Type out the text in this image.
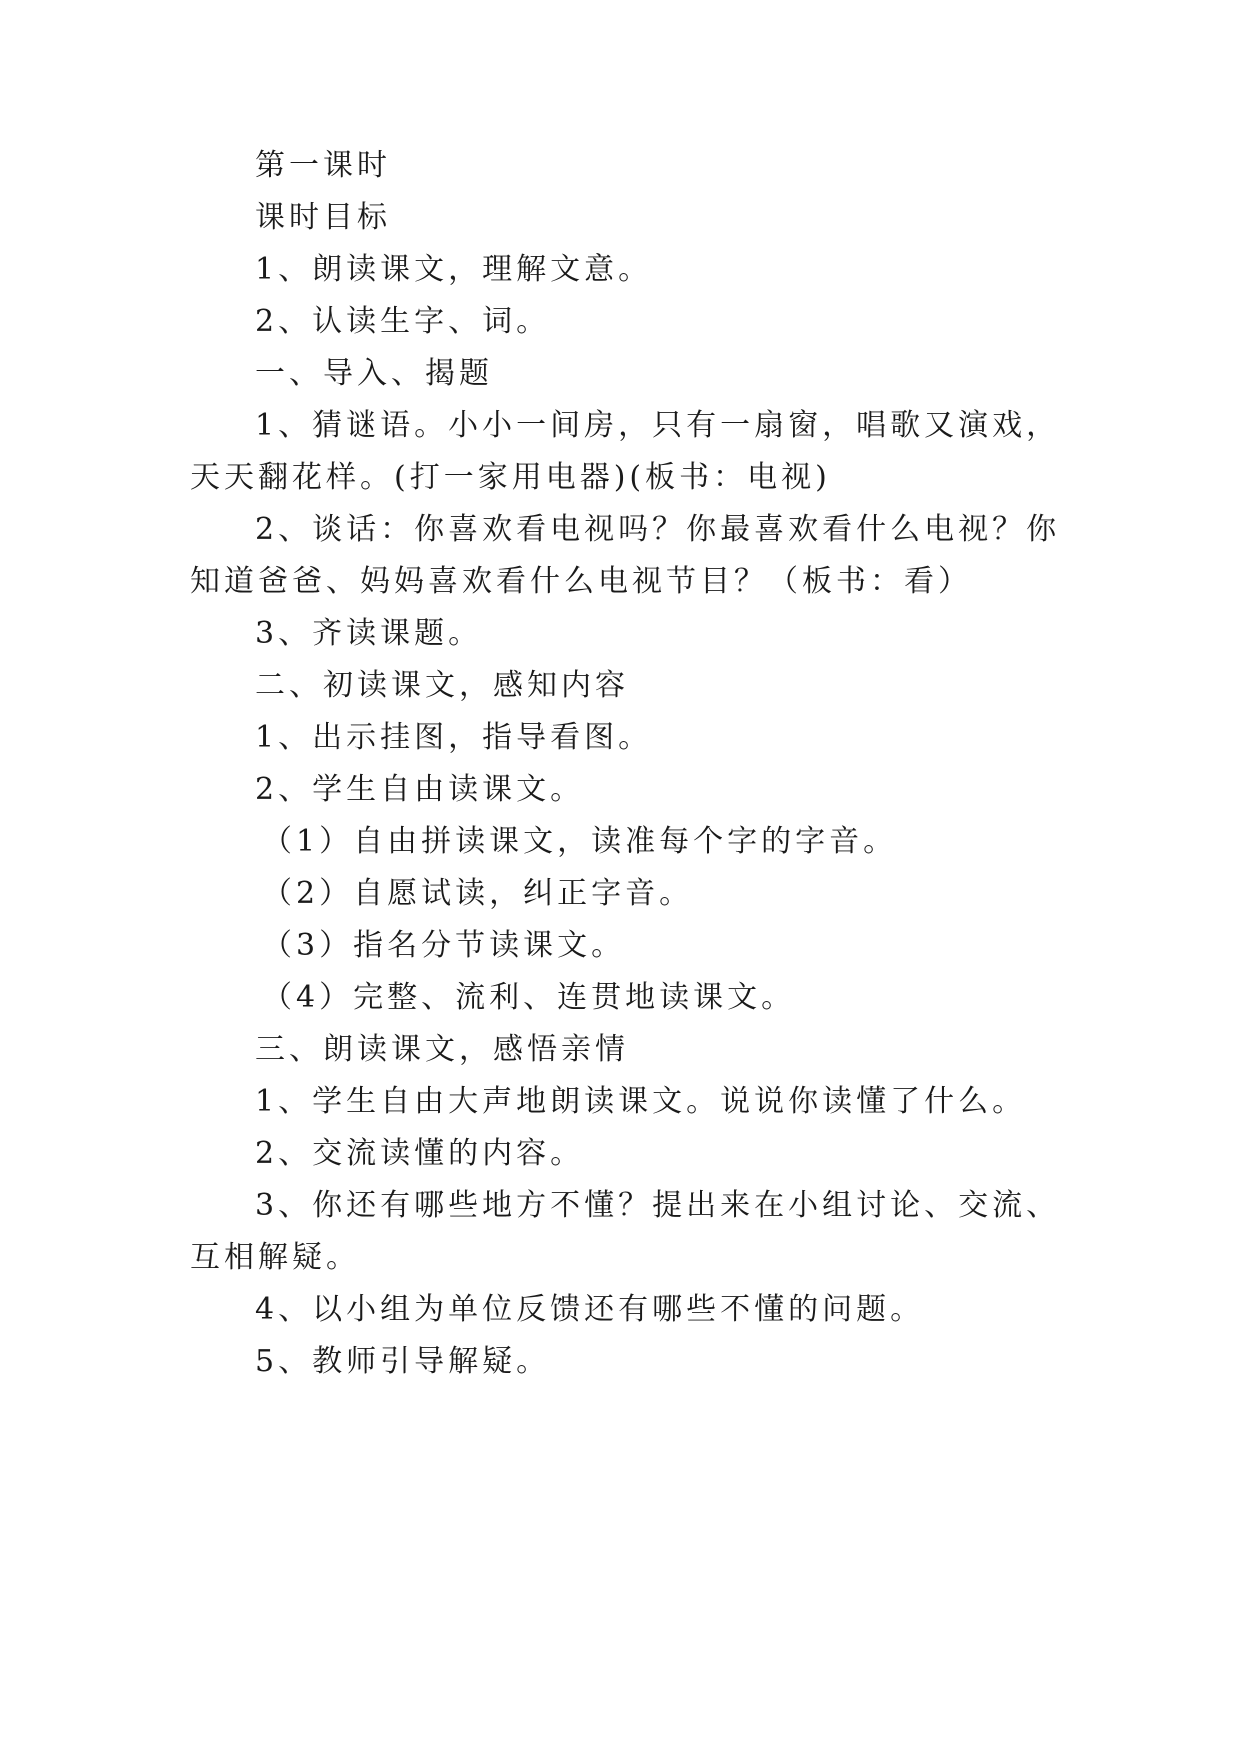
第一课时
课时目标
1、朗读课文，理解文意。
2、认读生字、词。
一、导入、揭题
1、猜谜语。小小一间房，只有一扇窗，唱歌又演戏，
天天翻花样。(打一家用电器)(板书：电视)
2、谈话：你喜欢看电视吗？你最喜欢看什么电视？你
知道爸爸、妈妈喜欢看什么电视节目？（板书：看）
3、齐读课题。
二、初读课文，感知内容
1、出示挂图，指导看图。
2、学生自由读课文。
（1）自由拼读课文，读准每个字的字音。
（2）自愿试读，纠正字音。
（3）指名分节读课文。
（4）完整、流利、连贯地读课文。
三、朗读课文，感悟亲情
1、学生自由大声地朗读课文。说说你读懂了什么。
2、交流读懂的内容。
3、你还有哪些地方不懂？提出来在小组讨论、交流、
互相解疑。
4、以小组为单位反馈还有哪些不懂的问题。
5、教师引导解疑。
